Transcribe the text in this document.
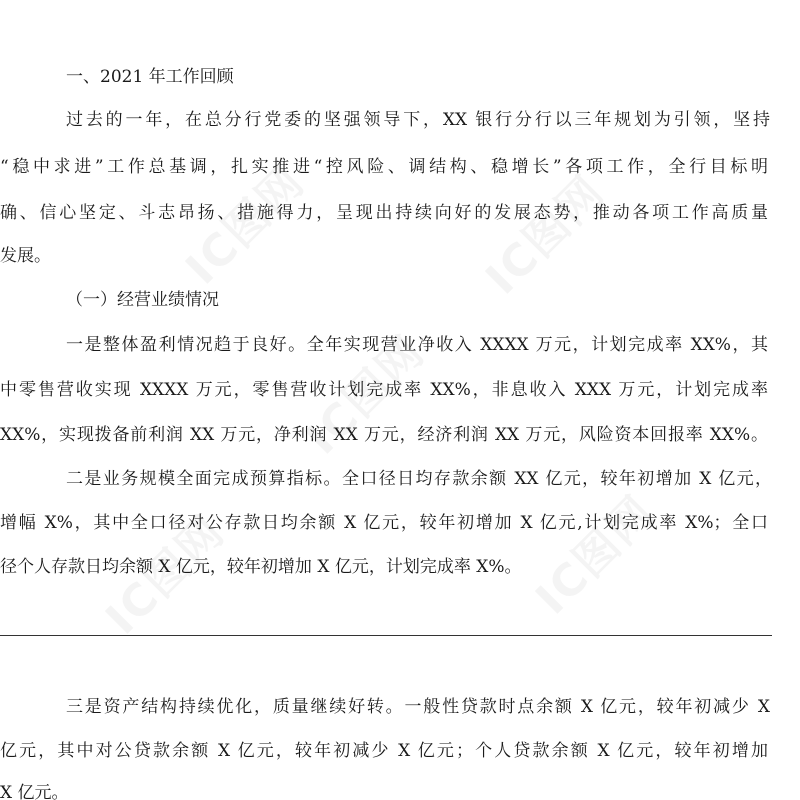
IC图网	IC图网
IC图网
IC图网
IC图网
一、2021 年工作回顾
过去的一年，在总分行党委的坚强领导下，XX 银行分行以三年规划为引领，坚持
“稳中求进”工作总基调，扎实推进“控风险、调结构、稳增长”各项工作，全行目标明
确、信心坚定、斗志昂扬、措施得力，呈现出持续向好的发展态势，推动各项工作高质量
发展。
（一）经营业绩情况
一是整体盈利情况趋于良好。全年实现营业净收入 XXXX 万元，计划完成率 XX%，其
中零售营收实现 XXXX 万元，零售营收计划完成率 XX%，非息收入 XXX 万元，计划完成率
XX%，实现拨备前利润 XX 万元，净利润 XX 万元，经济利润 XX 万元，风险资本回报率 XX%。
二是业务规模全面完成预算指标。全口径日均存款余额 XX 亿元，较年初增加 X 亿元，
增幅 X%，其中全口径对公存款日均余额 X 亿元，较年初增加 X 亿元,计划完成率 X%；全口
径个人存款日均余额 X 亿元，较年初增加 X 亿元，计划完成率 X%。
三是资产结构持续优化，质量继续好转。一般性贷款时点余额 X 亿元，较年初减少 X
亿元，其中对公贷款余额 X 亿元，较年初减少 X 亿元；个人贷款余额 X 亿元，较年初增加
X 亿元。
